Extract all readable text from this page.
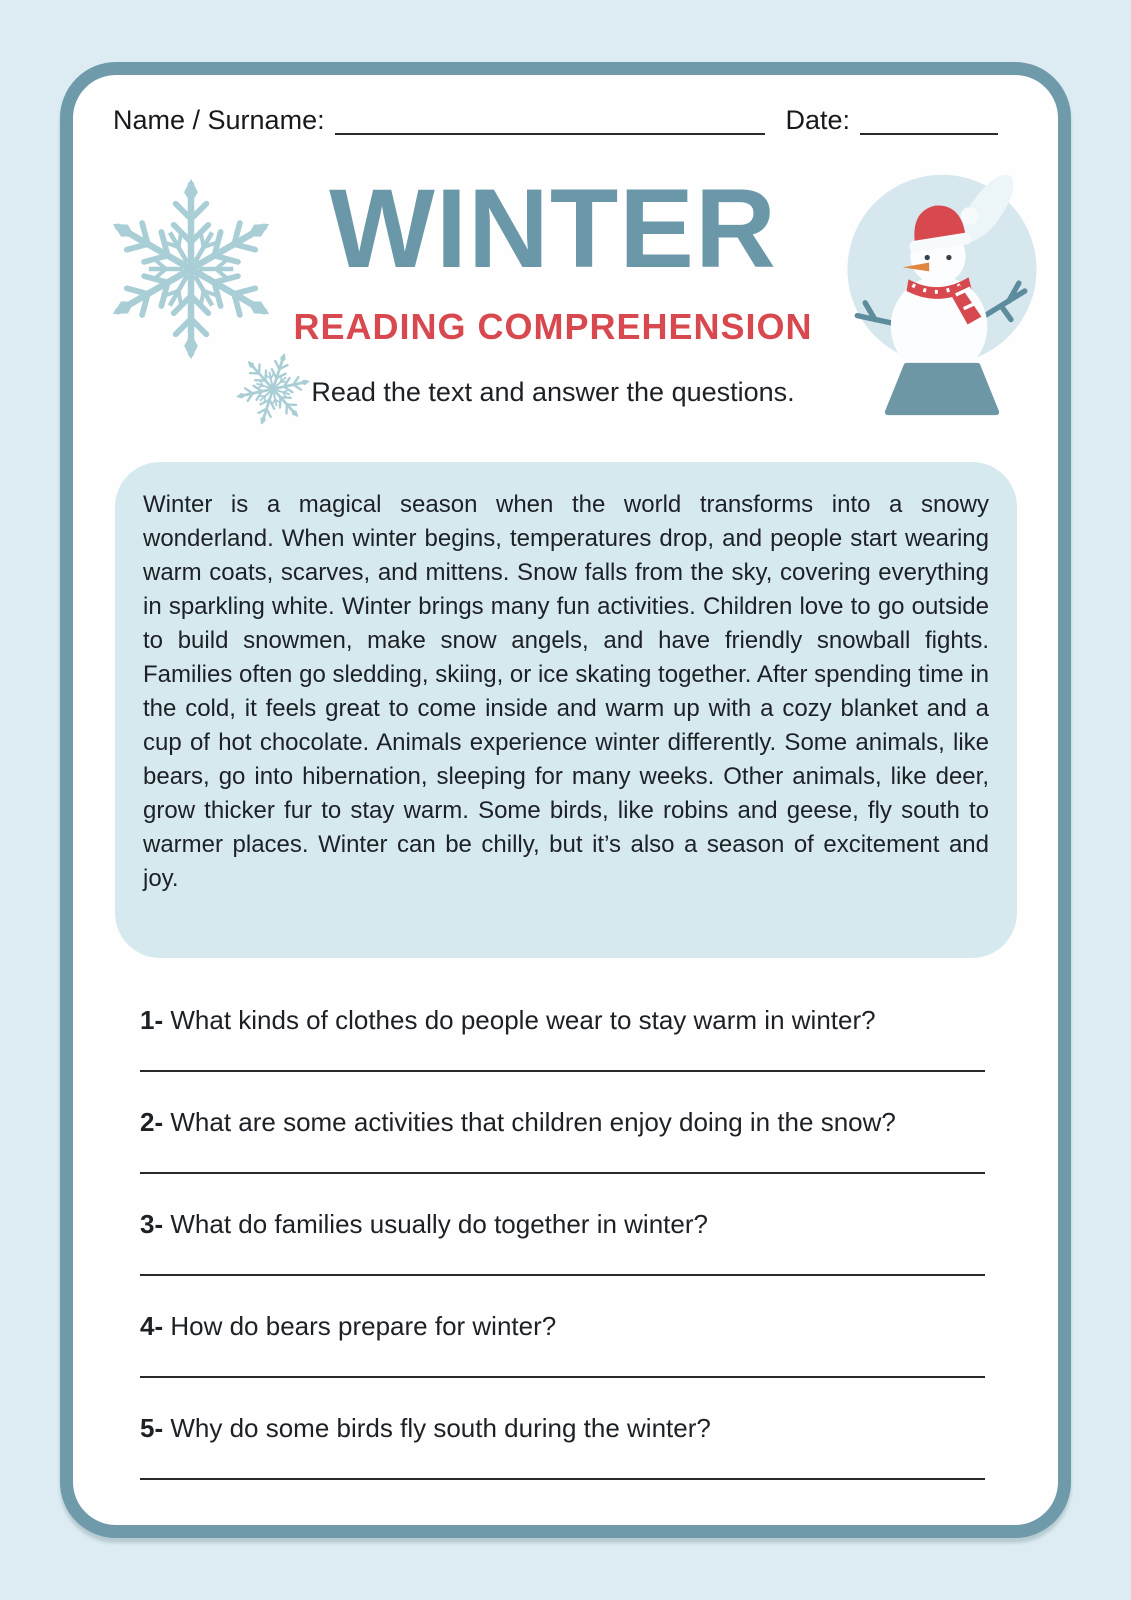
Name / Surname:	Date:
WINTER
READING COMPREHENSION
Read the text and answer the questions.
Winter is a magical season when the world transforms into a snowy wonderland. When winter begins, temperatures drop, and people start wearing warm coats, scarves, and mittens. Snow falls from the sky, covering everything in sparkling white. Winter brings many fun activities. Children love to go outside to build snowmen, make snow angels, and have friendly snowball fights. Families often go sledding, skiing, or ice skating together. After spending time in the cold, it feels great to come inside and warm up with a cozy blanket and a cup of hot chocolate. Animals experience winter differently. Some animals, like bears, go into hibernation, sleeping for many weeks. Other animals, like deer, grow thicker fur to stay warm. Some birds, like robins and geese, fly south to warmer places. Winter can be chilly, but it’s also a season of excitement and joy.

1- What kinds of clothes do people wear to stay warm in winter?

2- What are some activities that children enjoy doing in the snow?

3- What do families usually do together in winter?

4- How do bears prepare for winter?

5- Why do some birds fly south during the winter?
